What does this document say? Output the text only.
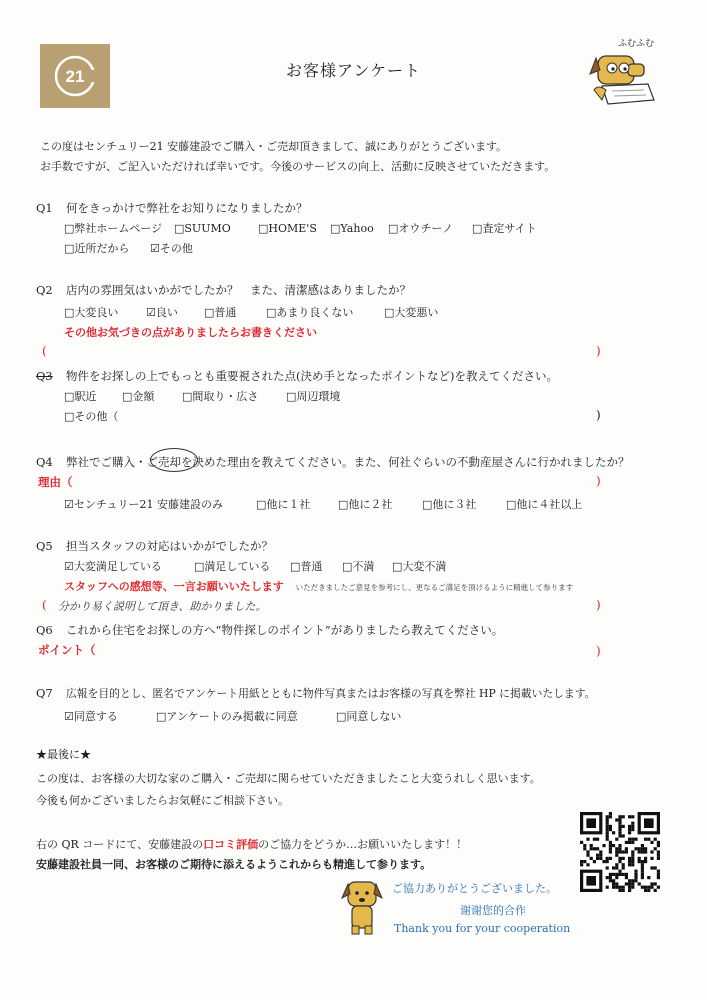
21	お客様アンケート
ふむふむ
この度はセンチュリー21 安藤建設でご購入・ご売却頂きまして、誠にありがとうございます。
お手数ですが、ご記入いただければ幸いです。今後のサービスの向上、活動に反映させていただきます。
Q1 何をきっかけで弊社をお知りになりましたか？
□弊社ホームページ □SUUMO □HOME'S □Yahoo □オウチーノ □査定サイト
□近所だから ☑その他
Q2 店内の雰囲気はいかがでしたか？　また、清潔感はありましたか？
□大変良い	☑良い □普通	□あまり良くない	□大変悪い
その他お気づきの点がありましたらお書きください
(	)
Q3 物件をお探しの上でもっとも重要視された点(決め手となったポイントなど)を教えてください。
□駅近 □金額	□間取り・広さ	□周辺環境
□その他（	)
Q4 弊社でご購入・ご売却を決めた理由を教えてください。また、何社ぐらいの不動産屋さんに行かれましたか？
理由（	)
☑センチュリー21 安藤建設のみ	□他に１社	□他に２社	□他に３社	□他に４社以上
Q5 担当スタッフの対応はいかがでしたか？
☑大変満足している	□満足している □普通 □不満 □大変不満
スタッフへの感想等、一言お願いいたします いただきましたご意見を参考にし、更なるご満足を頂けるように精進して参ります
( 分かり易く説明して頂き、助かりました。	)
Q6 これから住宅をお探しの方へ“物件探しのポイント”がありましたら教えてください。
ポイント（	)
Q7 広報を目的とし、匿名でアンケート用紙とともに物件写真またはお客様の写真を弊社 HP に掲載いたします。
☑同意する	□アンケートのみ掲載に同意	□同意しない
★最後に★
この度は、お客様の大切な家のご購入・ご売却に関らせていただきましたこと大変うれしく思います。
今後も何かございましたらお気軽にご相談下さい。
右の QR コードにて、安藤建設の口コミ評価のご協力をどうか…お願いいたします！！
安藤建設社員一同、お客様のご期待に添えるようこれからも精進して参ります。
ご協力ありがとうございました。
谢谢您的合作
Thank you for your cooperation
